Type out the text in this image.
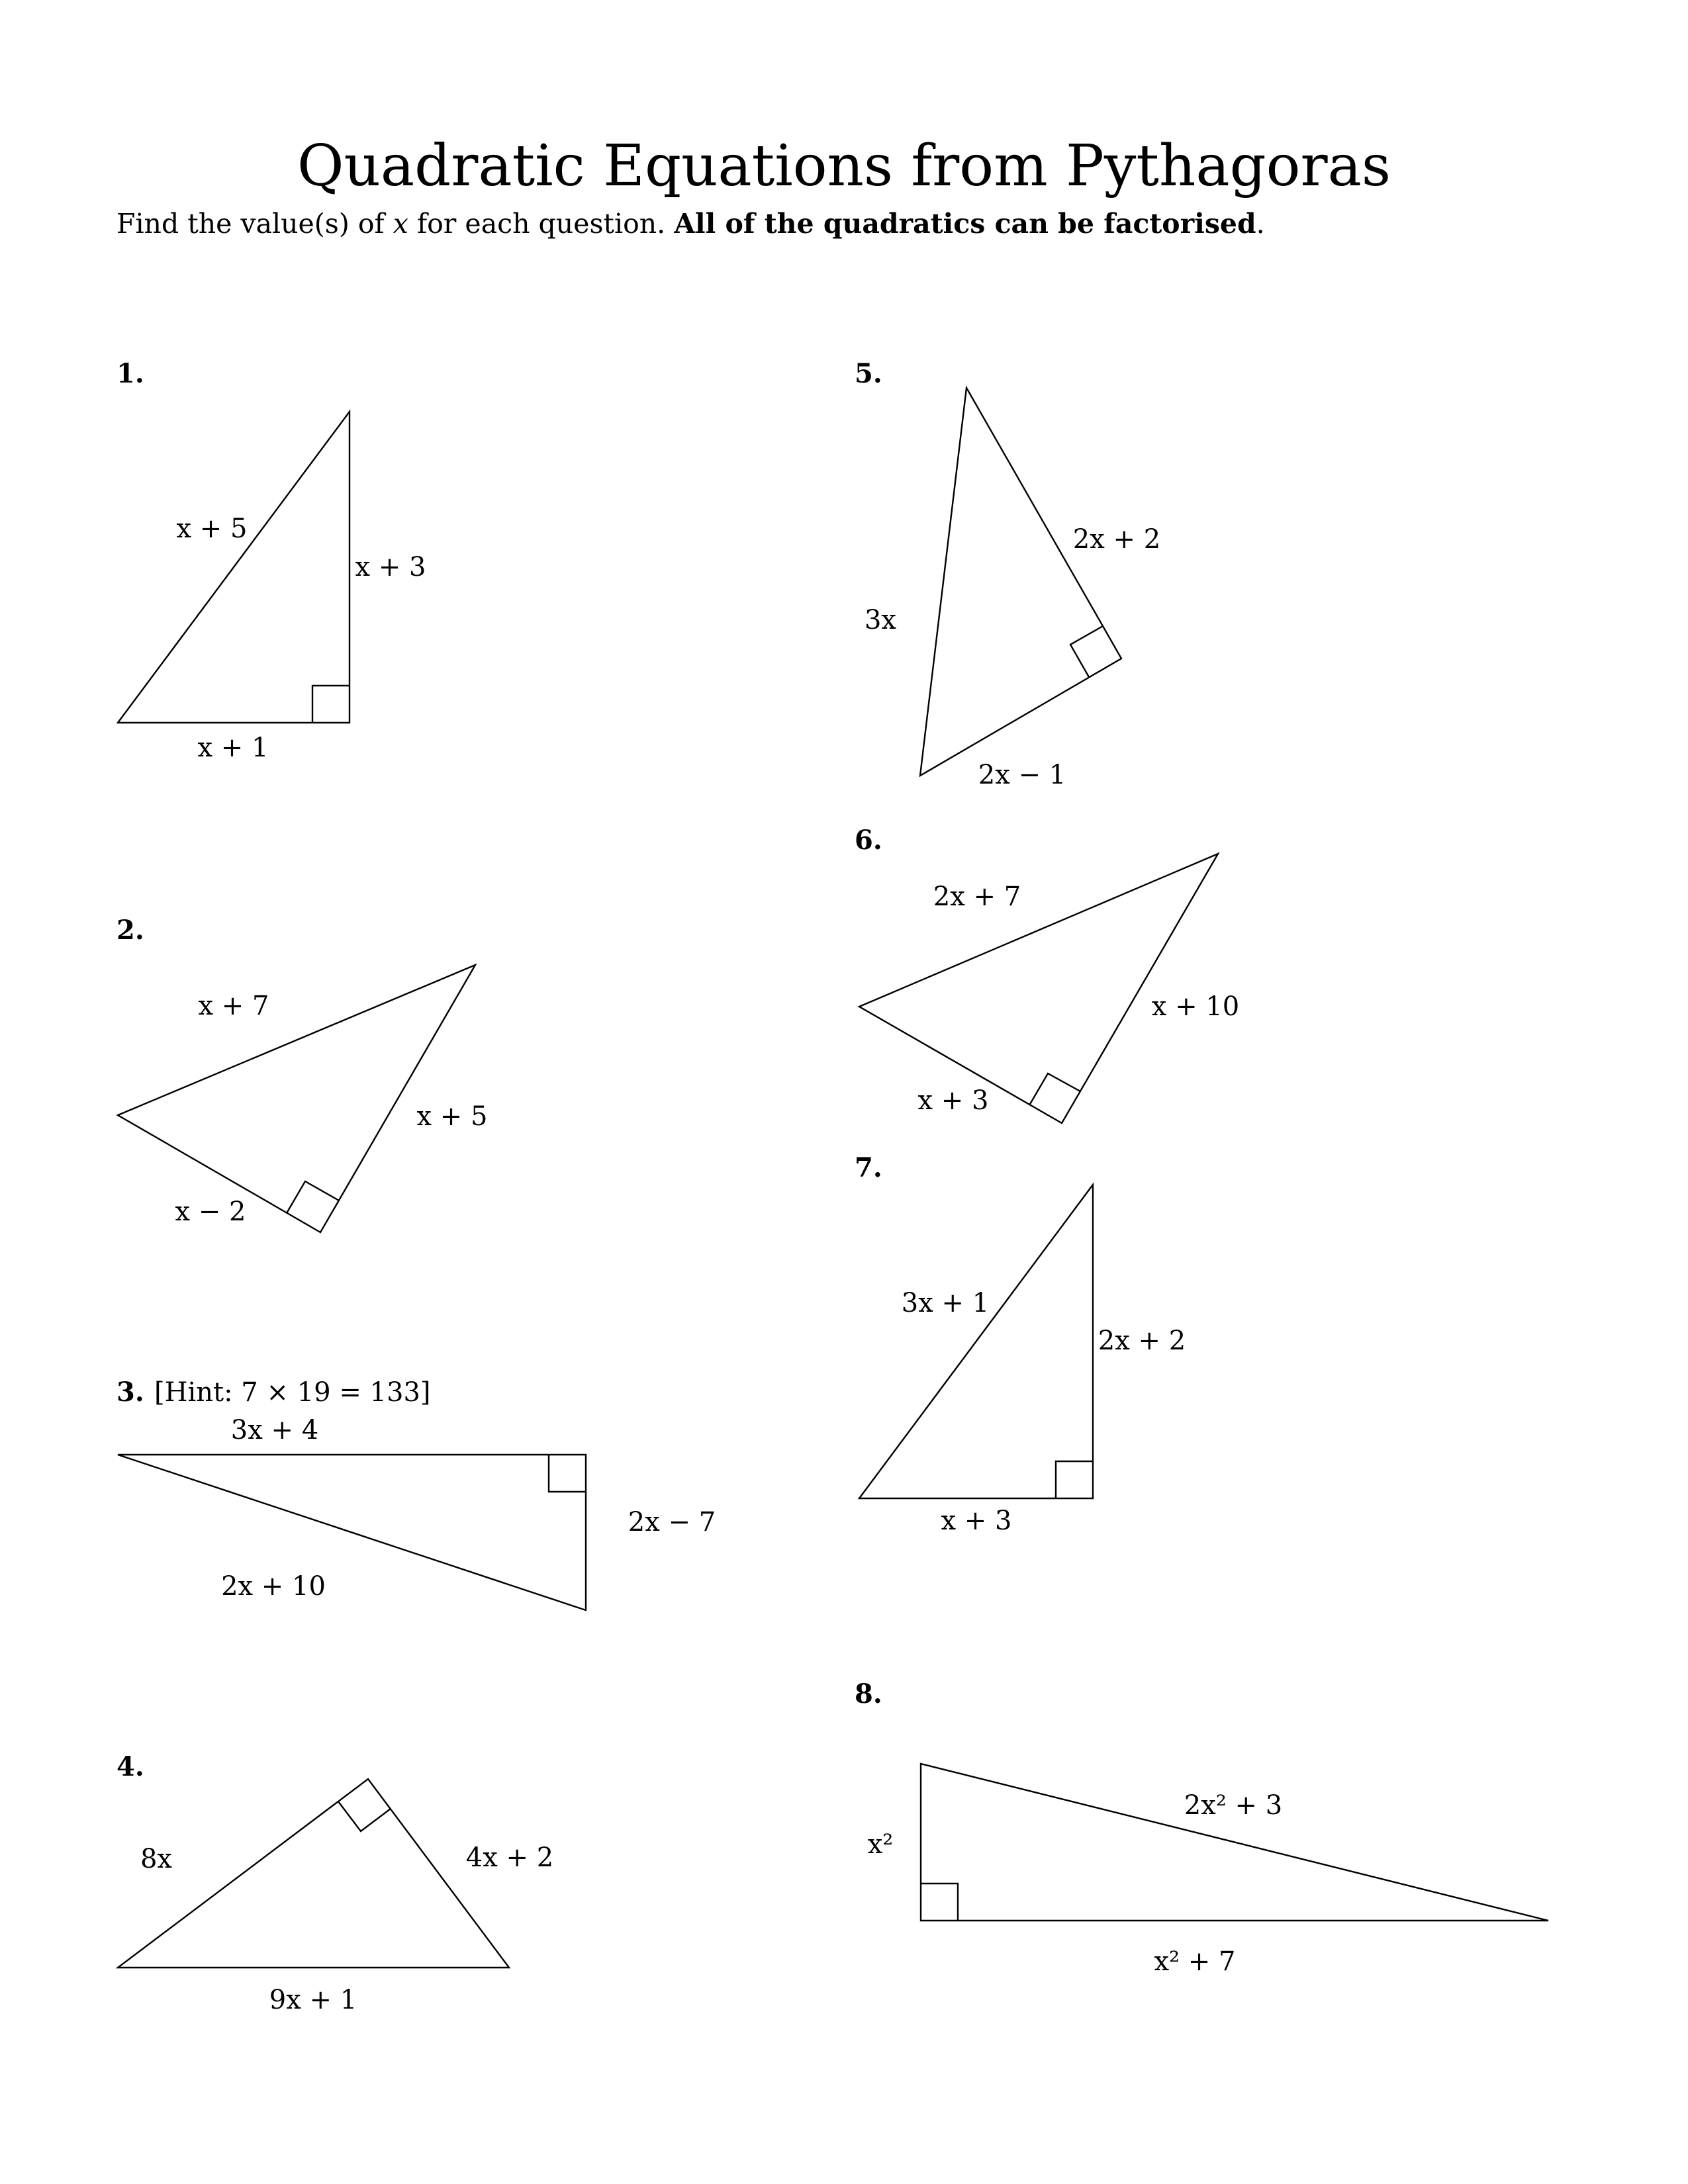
Quadratic Equations from Pythagoras
Find the value(s) of x for each question. All of the quadratics can be factorised.
1.
2.
3. [Hint: 7 × 19 = 133]
4.
5.
6.
7.
8.
x + 5
x + 3
x + 1
x + 7
x + 5
x − 2
3x + 4
2x − 7
2x + 10
8x	4x + 2
9x + 1
3x
2x + 2
2x − 1
2x + 7
x + 10
x + 3
3x + 1
2x + 2
x + 3
2x² + 3
x²
x² + 7
